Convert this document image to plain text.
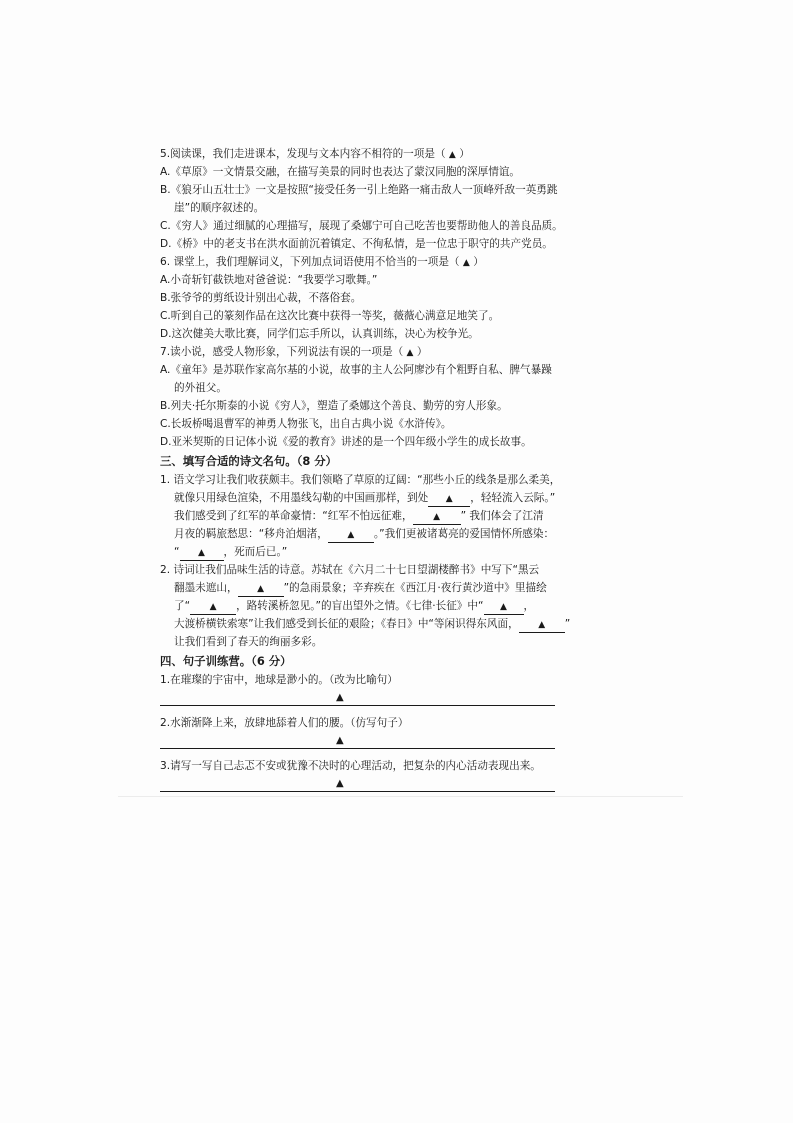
5.阅读课，我们走进课本，发现与文本内容不相符的一项是（ ▲ ）
A.《草原》一文情景交融，在描写美景的同时也表达了蒙汉同胞的深厚情谊。
B.《狼牙山五壮士》一文是按照“接受任务一引上绝路一痛击敌人一顶峰歼敌一英勇跳
崖”的顺序叙述的。
C.《穷人》通过细腻的心理描写，展现了桑娜宁可自己吃苦也要帮助他人的善良品质。
D.《桥》中的老支书在洪水面前沉着镇定、不徇私情，是一位忠于职守的共产党员。
6. 课堂上，我们理解词义，下列加点词语使用不恰当的一项是（ ▲ ）
A.小奇斩钉截铁地对爸爸说：“我要学习歌舞。”
B.张爷爷的剪纸设计别出心裁，不落俗套。
C.听到自己的篆刻作品在这次比赛中获得一等奖，薇薇心满意足地笑了。
D.这次健美大歌比赛，同学们忘手所以，认真训练，决心为校争光。
7.读小说，感受人物形象，下列说法有误的一项是（ ▲ ）
A.《童年》是苏联作家高尔基的小说，故事的主人公阿廖沙有个粗野自私、脾气暴躁
的外祖父。
B.列夫·托尔斯泰的小说《穷人》，塑造了桑娜这个善良、勤劳的穷人形象。
C.长坂桥喝退曹军的神勇人物张飞，出自古典小说《水浒传》。
D.亚米契斯的日记体小说《爱的教育》讲述的是一个四年级小学生的成长故事。
三、填写合适的诗文名句。（8 分）
1. 语文学习让我们收获颇丰。我们领略了草原的辽阔：“那些小丘的线条是那么柔美，
就像只用绿色渲染，不用墨线勾勒的中国画那样，到处 ▲ ，轻轻流入云际。”
我们感受到了红军的革命豪情：“红军不怕远征难， ▲ ” 我们体会了江清
月夜的羁旅愁思：“移舟泊烟渚， ▲ 。”我们更被诸葛亮的爱国情怀所感染：
“ ▲ ，死而后已。”
2. 诗词让我们品味生活的诗意。苏轼在《六月二十七日望湖楼醉书》中写下“黑云
翻墨未遮山， ▲ ”的急雨景象；辛弃疾在《西江月·夜行黄沙道中》里描绘
了“ ▲ ，路转溪桥忽见。”的盲出望外之情。《七律·长征》中“ ▲ ，
大渡桥横铁索寒”让我们感受到长征的艰险；《春日》中“等闲识得东风面， ▲ ”
让我们看到了春天的绚丽多彩。
四、句子训练营。（6 分）
1.在璀璨的宇宙中，地球是渺小的。（改为比喻句）
▲
2.水渐渐降上来，放肆地舔着人们的腰。（仿写句子）
▲
3.请写一写自己忐忑不安或犹豫不决时的心理活动，把复杂的内心活动表现出来。
▲
